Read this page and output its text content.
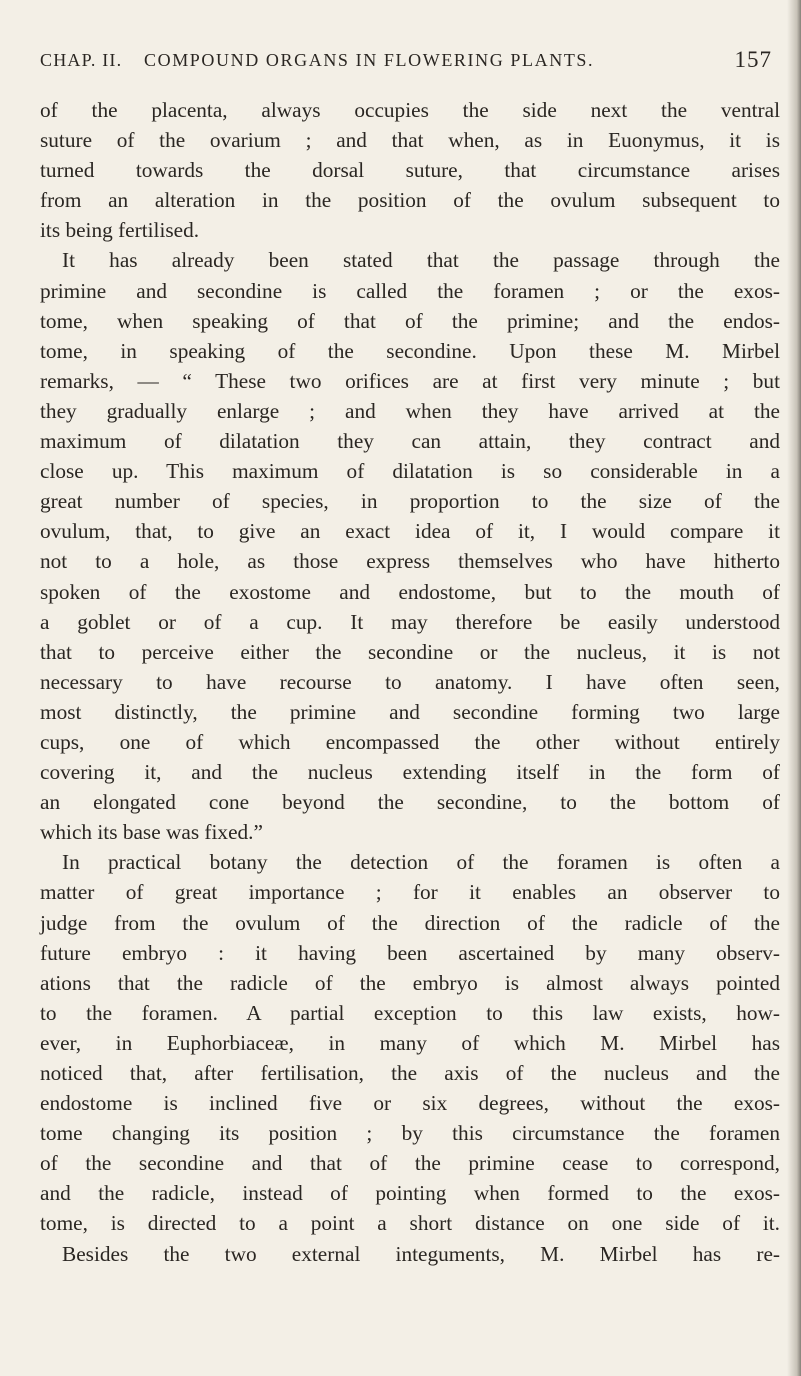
CHAP. II. COMPOUND ORGANS IN FLOWERING PLANTS.	157
of the placenta, always occupies the side next the ventral
suture of the ovarium ; and that when, as in Euonymus, it is
turned towards the dorsal suture, that circumstance arises
from an alteration in the position of the ovulum subsequent to
its being fertilised.
It has already been stated that the passage through the
primine and secondine is called the foramen ; or the exos-
tome, when speaking of that of the primine; and the endos-
tome, in speaking of the secondine. Upon these M. Mirbel
remarks, — “ These two orifices are at first very minute ; but
they gradually enlarge ; and when they have arrived at the
maximum of dilatation they can attain, they contract and
close up. This maximum of dilatation is so considerable in a
great number of species, in proportion to the size of the
ovulum, that, to give an exact idea of it, I would compare it
not to a hole, as those express themselves who have hitherto
spoken of the exostome and endostome, but to the mouth of
a goblet or of a cup. It may therefore be easily understood
that to perceive either the secondine or the nucleus, it is not
necessary to have recourse to anatomy. I have often seen,
most distinctly, the primine and secondine forming two large
cups, one of which encompassed the other without entirely
covering it, and the nucleus extending itself in the form of
an elongated cone beyond the secondine, to the bottom of
which its base was fixed.”
In practical botany the detection of the foramen is often a
matter of great importance ; for it enables an observer to
judge from the ovulum of the direction of the radicle of the
future embryo : it having been ascertained by many observ-
ations that the radicle of the embryo is almost always pointed
to the foramen. A partial exception to this law exists, how-
ever, in Euphorbiaceæ, in many of which M. Mirbel has
noticed that, after fertilisation, the axis of the nucleus and the
endostome is inclined five or six degrees, without the exos-
tome changing its position ; by this circumstance the foramen
of the secondine and that of the primine cease to correspond,
and the radicle, instead of pointing when formed to the exos-
tome, is directed to a point a short distance on one side of it.
Besides the two external integuments, M. Mirbel has re-
